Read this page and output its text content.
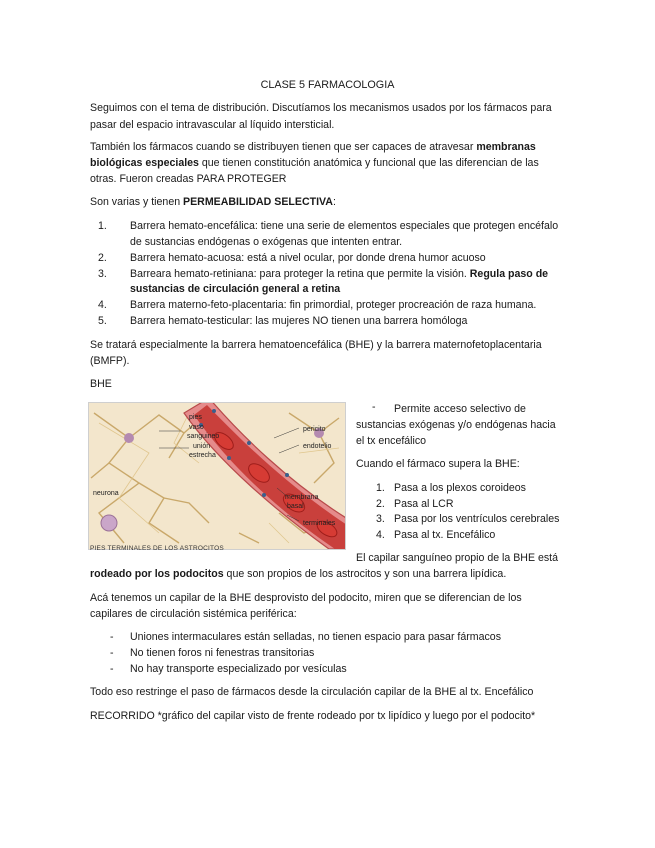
CLASE 5 FARMACOLOGIA
Seguimos con el tema de distribución. Discutíamos los mecanismos usados por los fármacos para
pasar del espacio intravascular al líquido intersticial.
También los fármacos cuando se distribuyen tienen que ser capaces de atravesar membranas
biológicas especiales que tienen constitución anatómica y funcional que las diferencian de las
otras. Fueron creadas PARA PROTEGER
Son varias y tienen PERMEABILIDAD SELECTIVA:
1. Barrera hemato-encefálica: tiene una serie de elementos especiales que protegen encéfalo
de sustancias endógenas o exógenas que intenten entrar.
2. Barrera hemato-acuosa: está a nivel ocular, por donde drena humor acuoso
3. Barreara hemato-retiniana: para proteger la retina que permite la visión. Regula paso de
sustancias de circulación general a retina
4. Barrera materno-feto-placentaria: fin primordial, proteger procreación de raza humana.
5. Barrera hemato-testicular: las mujeres NO tienen una barrera homóloga
Se tratará especialmente la barrera hematoencefálica (BHE) y la barrera maternofetoplacentaria
(BMFP).
BHE
pies
vaso
sanguineo
unión
estrecha
neurona
pericito
endotelio
membrana
basal
terminales
PIES TERMINALES DE LOS ASTROCITOS
- Permite acceso selectivo de
sustancias exógenas y/o endógenas hacia
el tx encefálico
Cuando el fármaco supera la BHE:
1. Pasa a los plexos coroideos
2. Pasa al LCR
3. Pasa por los ventrículos cerebrales
4. Pasa al tx. Encefálico
El capilar sanguíneo propio de la BHE está
rodeado por los podocitos que son propios de los astrocitos y son una barrera lipídica.
Acá tenemos un capilar de la BHE desprovisto del podocito, miren que se diferencian de los
capilares de circulación sistémica periférica:
- Uniones intermaculares están selladas, no tienen espacio para pasar fármacos
- No tienen foros ni fenestras transitorias
- No hay transporte especializado por vesículas
Todo eso restringe el paso de fármacos desde la circulación capilar de la BHE al tx. Encefálico
RECORRIDO *gráfico del capilar visto de frente rodeado por tx lipídico y luego por el podocito*
